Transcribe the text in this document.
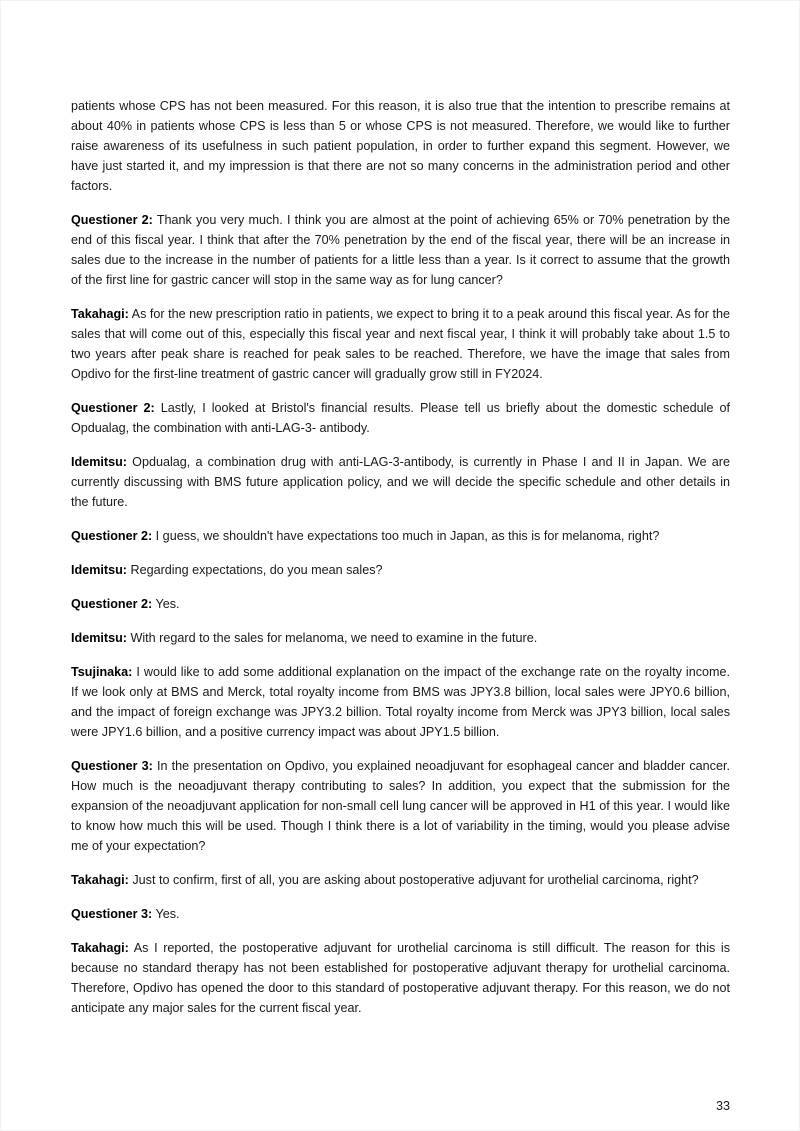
patients whose CPS has not been measured. For this reason, it is also true that the intention to prescribe remains at about 40% in patients whose CPS is less than 5 or whose CPS is not measured. Therefore, we would like to further raise awareness of its usefulness in such patient population, in order to further expand this segment. However, we have just started it, and my impression is that there are not so many concerns in the administration period and other factors.

Questioner 2: Thank you very much. I think you are almost at the point of achieving 65% or 70% penetration by the end of this fiscal year. I think that after the 70% penetration by the end of the fiscal year, there will be an increase in sales due to the increase in the number of patients for a little less than a year. Is it correct to assume that the growth of the first line for gastric cancer will stop in the same way as for lung cancer?

Takahagi: As for the new prescription ratio in patients, we expect to bring it to a peak around this fiscal year. As for the sales that will come out of this, especially this fiscal year and next fiscal year, I think it will probably take about 1.5 to two years after peak share is reached for peak sales to be reached. Therefore, we have the image that sales from Opdivo for the first-line treatment of gastric cancer will gradually grow still in FY2024.

Questioner 2: Lastly, I looked at Bristol's financial results. Please tell us briefly about the domestic schedule of Opdualag, the combination with anti-LAG-3- antibody.

Idemitsu: Opdualag, a combination drug with anti-LAG-3-antibody, is currently in Phase I and II in Japan. We are currently discussing with BMS future application policy, and we will decide the specific schedule and other details in the future.

Questioner 2: I guess, we shouldn't have expectations too much in Japan, as this is for melanoma, right?

Idemitsu: Regarding expectations, do you mean sales?

Questioner 2: Yes.

Idemitsu: With regard to the sales for melanoma, we need to examine in the future.

Tsujinaka: I would like to add some additional explanation on the impact of the exchange rate on the royalty income. If we look only at BMS and Merck, total royalty income from BMS was JPY3.8 billion, local sales were JPY0.6 billion, and the impact of foreign exchange was JPY3.2 billion. Total royalty income from Merck was JPY3 billion, local sales were JPY1.6 billion, and a positive currency impact was about JPY1.5 billion.

Questioner 3: In the presentation on Opdivo, you explained neoadjuvant for esophageal cancer and bladder cancer. How much is the neoadjuvant therapy contributing to sales? In addition, you expect that the submission for the expansion of the neoadjuvant application for non-small cell lung cancer will be approved in H1 of this year. I would like to know how much this will be used. Though I think there is a lot of variability in the timing, would you please advise me of your expectation?

Takahagi: Just to confirm, first of all, you are asking about postoperative adjuvant for urothelial carcinoma, right?

Questioner 3: Yes.

Takahagi: As I reported, the postoperative adjuvant for urothelial carcinoma is still difficult. The reason for this is because no standard therapy has not been established for postoperative adjuvant therapy for urothelial carcinoma. Therefore, Opdivo has opened the door to this standard of postoperative adjuvant therapy. For this reason, we do not anticipate any major sales for the current fiscal year.

33
